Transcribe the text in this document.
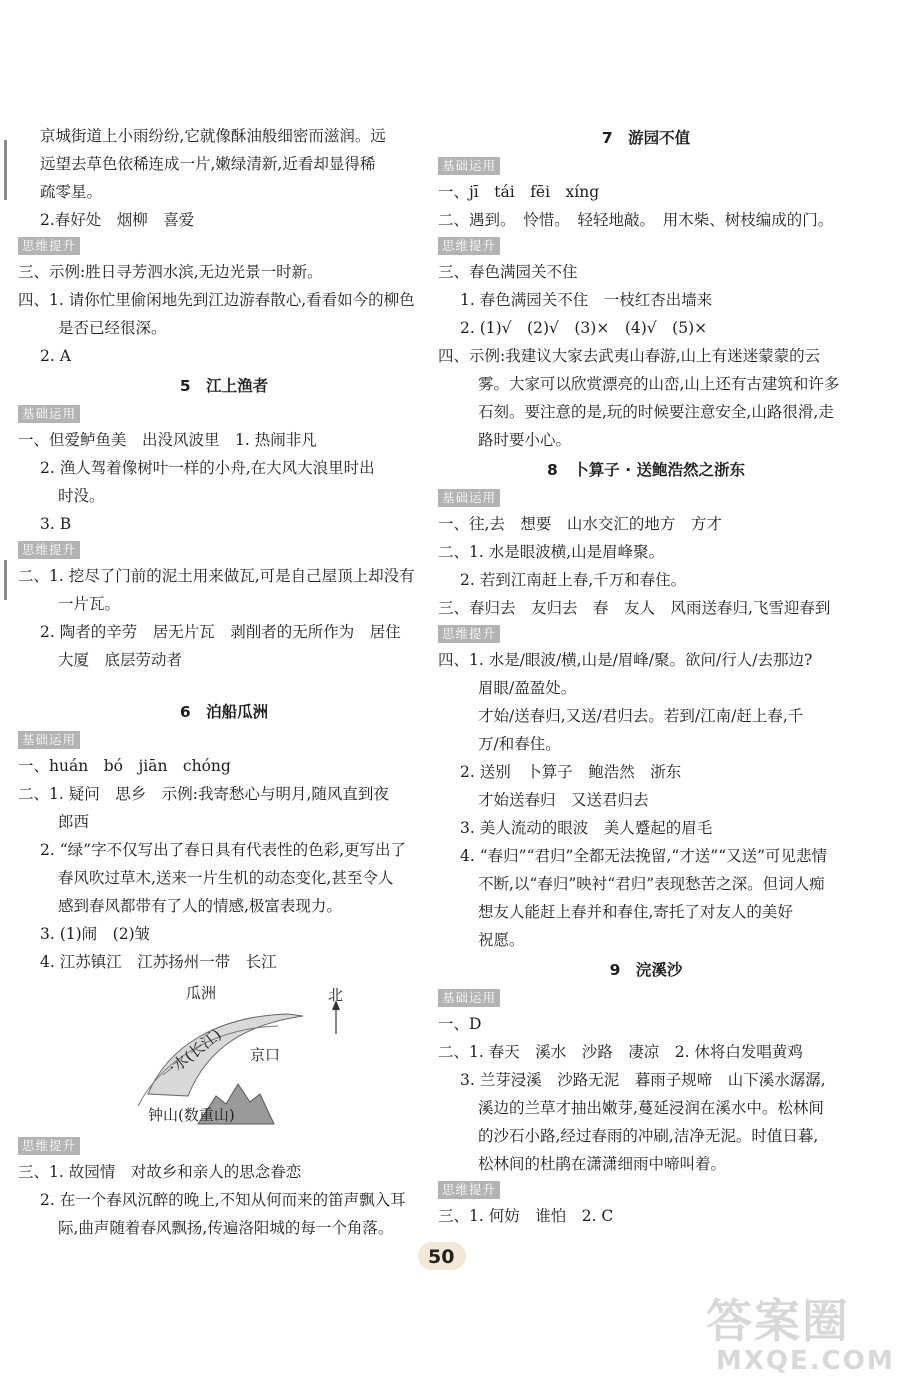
京城街道上小雨纷纷,它就像酥油般细密而滋润。远
远望去草色依稀连成一片,嫩绿清新,近看却显得稀
疏零星。
2.春好处　烟柳　喜爱
思维提升
三、示例:胜日寻芳泗水滨,无边光景一时新。
四、1. 请你忙里偷闲地先到江边游春散心,看看如今的柳色
是否已经很深。
2. A
5　江上渔者
基础运用
一、但爱鲈鱼美　出没风波里　1. 热闹非凡
2. 渔人驾着像树叶一样的小舟,在大风大浪里时出
时没。
3. B
思维提升
二、1. 挖尽了门前的泥土用来做瓦,可是自己屋顶上却没有
一片瓦。
2. 陶者的辛劳　居无片瓦　剥削者的无所作为　居住
大厦　底层劳动者
6　泊船瓜洲
基础运用
一、huán　bó　jiān　chóng
二、1. 疑问　思乡　示例:我寄愁心与明月,随风直到夜
郎西
2. “绿”字不仅写出了春日具有代表性的色彩,更写出了
春风吹过草木,送来一片生机的动态变化,甚至令人
感到春风都带有了人的情感,极富表现力。
3. (1)闹　(2)皱
4. 江苏镇江　江苏扬州一带　长江
瓜洲
一水(长江) 京口
钟山(数重山)
北
思维提升
三、1. 故园情　对故乡和亲人的思念眷恋
2. 在一个春风沉醉的晚上,不知从何而来的笛声飘入耳
际,曲声随着春风飘扬,传遍洛阳城的每一个角落。
7　游园不值
基础运用
一、jī　tái　fēi　xíng
二、遇到。　怜惜。　轻轻地敲。　用木柴、树枝编成的门。
思维提升
三、春色满园关不住
1. 春色满园关不住　一枝红杏出墙来
2. (1)√　(2)√　(3)×　(4)√　(5)×
四、示例:我建议大家去武夷山春游,山上有迷迷蒙蒙的云
雾。大家可以欣赏漂亮的山峦,山上还有古建筑和许多
石刻。要注意的是,玩的时候要注意安全,山路很滑,走
路时要小心。
8　卜算子 · 送鲍浩然之浙东
基础运用
一、往,去　想要　山水交汇的地方　方才
二、1. 水是眼波横,山是眉峰聚。
2. 若到江南赶上春,千万和春住。
三、春归去　友归去　春　友人　风雨送春归,飞雪迎春到
思维提升
四、1. 水是/眼波/横,山是/眉峰/聚。欲问/行人/去那边?
眉眼/盈盈处。
才始/送春归,又送/君归去。若到/江南/赶上春,千
万/和春住。
2. 送别　卜算子　鲍浩然　浙东
才始送春归　又送君归去
3. 美人流动的眼波　美人蹙起的眉毛
4. “春归”“君归”全都无法挽留,“才送”“又送”可见悲情
不断,以“春归”映衬“君归”表现愁苦之深。但词人痴
想友人能赶上春并和春住,寄托了对友人的美好
祝愿。
9　浣溪沙
基础运用
一、D
二、1. 春天　溪水　沙路　凄凉　2. 休将白发唱黄鸡
3. 兰芽浸溪　沙路无泥　暮雨子规啼　山下溪水潺潺,
溪边的兰草才抽出嫩芽,蔓延浸润在溪水中。松林间
的沙石小路,经过春雨的冲刷,洁净无泥。时值日暮,
松林间的杜鹃在潇潇细雨中啼叫着。
思维提升
三、1. 何妨　谁怕　2. C
50
答案圈
MXQE.COM
